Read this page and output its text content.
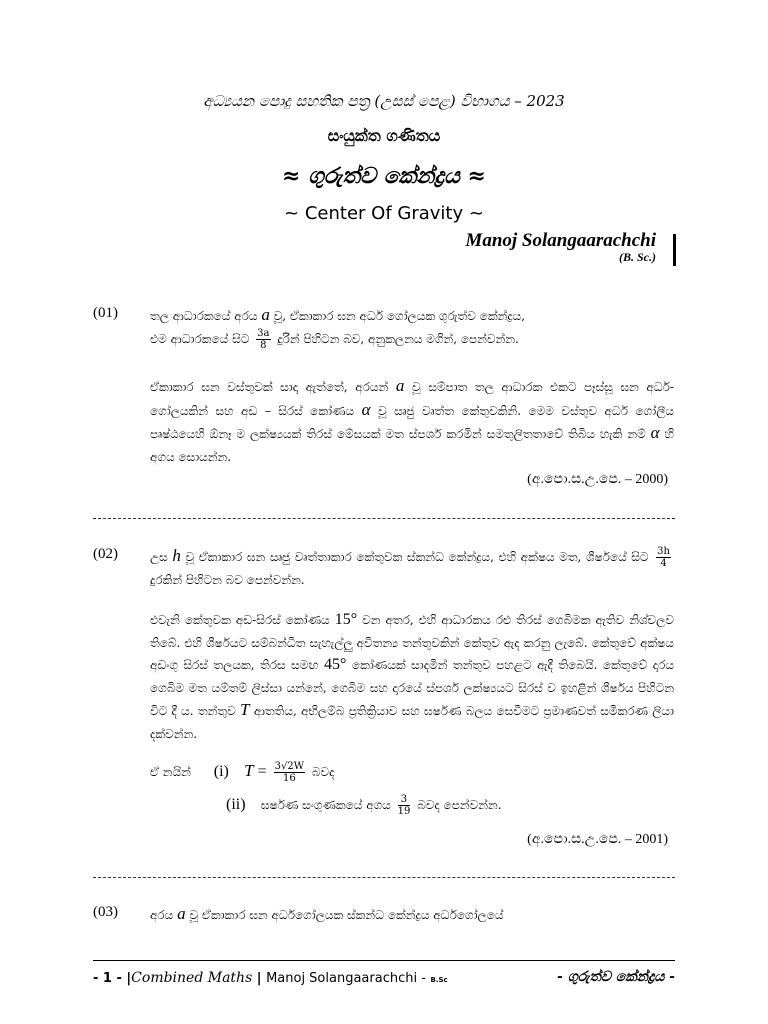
අධ්‍යයන පොදු සහතික පත්‍ර (උසස් පෙළ) විභාගය – 2023
සංයුක්ත ගණිතය
≈ ගුරුත්ව කේන්ද්‍රය ≈
~ Center Of Gravity ~
Manoj Solangaarachchi
(B. Sc.)
(01)	තල ආධාරකයේ අරය a වූ, ඒකාකාර ඝන අර්ධ ගෝලයක ගුරුත්ව කේන්ද්‍රය,
එම ආධාරකයේ සිට $\frac{3a}{8}$ දුරින් පිහිටන බව, අනුකලනය මගින්, පෙන්වන්න.
ඒකාකාර ඝන වස්තුවක් සාදා ඇත්තේ, අරයන් a වූ සම්පාත තල ආධාරක එකට පෑස්සූ ඝන අර්ධ- ගෝලයකින් සහ අඩ – සිරස් කෝණය α වූ ඍජු වෘත්ත කේතුවකිනි. මෙම වස්තුව අර්ධ ගෝලීය පෘෂ්ඨයෙහි ඕනෑ ම ලක්ෂ්‍යයක් තිරස් මේසයක් මත ස්පර්ශ කරමින් සමතුලිතතාවේ තිබිය හැකි නම් α හි අගය සොයන්න.
(අ.පො.ස.උ.පෙ. – 2000)
(02)	උස h වූ ඒකාකාර ඝන ඍජු වෘත්තාකාර කේතුවක ස්කන්ධ කේන්ද්‍රය, එහි අක්ෂය මත, ශීර්ෂයේ සිට $\frac{3h}{4}$
දුරකින් පිහිටන බව පෙන්වන්න.
එවැනි කේතුවක අඩ-සිරස් කෝණය 15° වන අතර, එහි ආධාරකය රළු තිරස් ගෙබිමක ඇතිව නිශ්චලව තිබේ. එහි ශීර්ෂයට සම්බන්ධිත සැහැල්ලු අවිතන්‍ය තන්තුවකින් කේතුව ඇද කරනු ලැබේ. කේතුවේ අක්ෂය අඩංගු සිරස් තලයක, තිරස සමඟ 45° කෝණයක් සාදමින් තන්තුව පහළට ඇදී තිබෙයි. කේතුවේ දාරය ගෙබිම මත යම්තම් ලිස්සා යන්නේ, ගෙබිම සහ දාරයේ ස්පර්ශ ලක්ෂ්‍යයට සිරස් ව ඉහළින් ශීර්ෂය පිහිටන විට දී ය. තන්තුව T ආතතිය, අභිලම්බ ප්‍රතික්‍රියාව සහ ඝර්ෂණ බලය සෙවීමට ප්‍රමාණවත් සමීකරණ ලියා දක්වන්න.
ඒ නයින් (i) $T = \frac{3√2W}{16}$ බවද
(ii) ඝර්ෂණ සංගුණකයේ අගය $\frac{3}{19}$ බවද පෙන්වන්න.
(අ.පො.ස.උ.පෙ. – 2001)
(03)	අරය a වූ ඒකාකාර ඝන අර්ධගෝලයක ස්කන්ධ කේන්ද්‍රය අර්ධගෝලයේ
- 1 - |Combined Maths | Manoj Solangaarachchi - B.Sc	- ගුරුත්ව කේන්ද්‍රය -
